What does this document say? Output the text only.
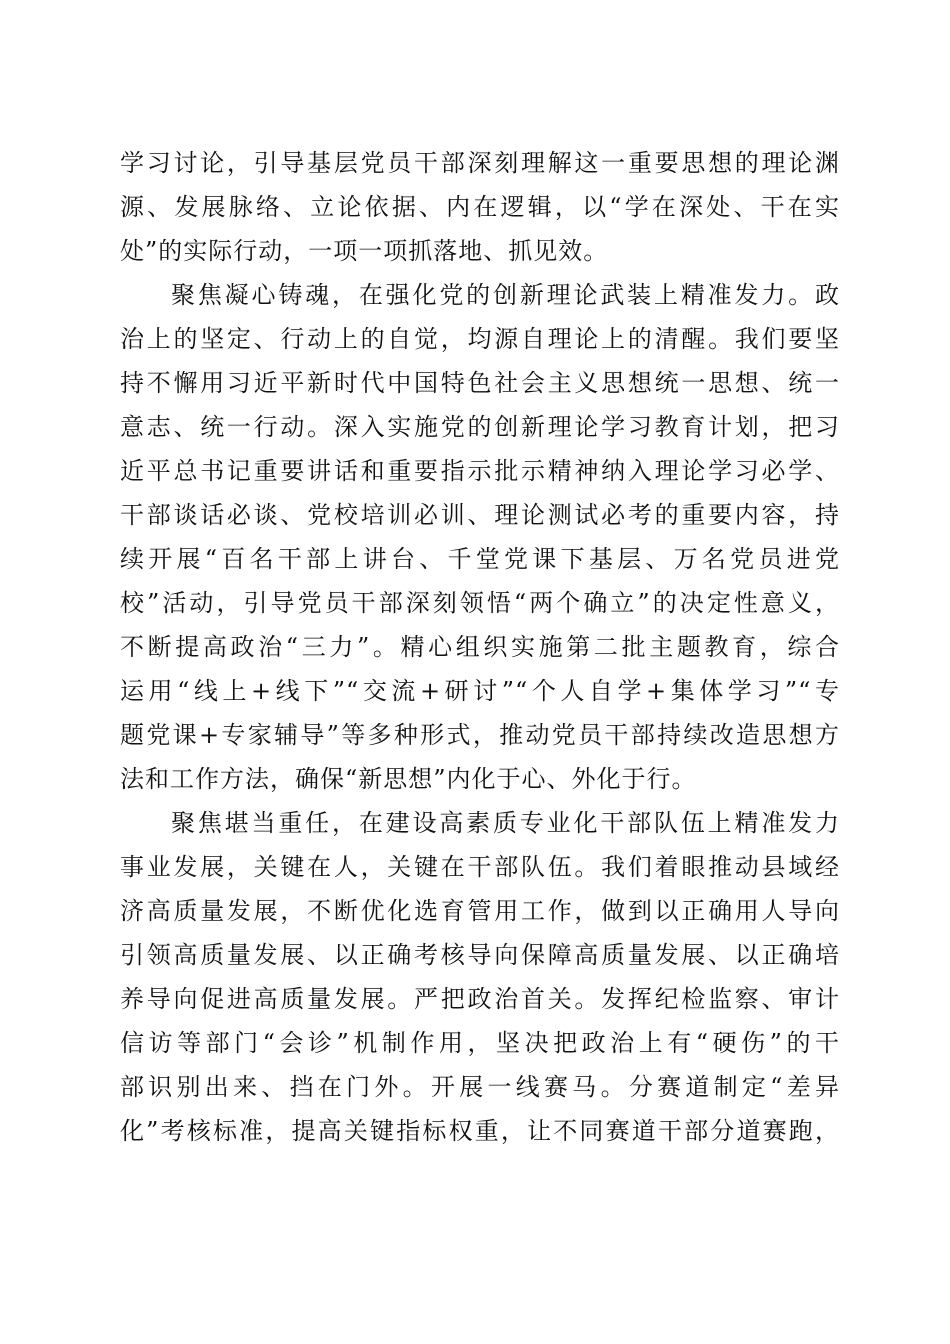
学习讨论，引导基层党员干部深刻理解这一重要思想的理论渊
源、发展脉络、立论依据、内在逻辑，以“学在深处、干在实
处”的实际行动，一项一项抓落地、抓见效。
聚焦凝心铸魂，在强化党的创新理论武装上精准发力。政
治上的坚定、行动上的自觉，均源自理论上的清醒。我们要坚
持不懈用习近平新时代中国特色社会主义思想统一思想、统一
意志、统一行动。深入实施党的创新理论学习教育计划，把习
近平总书记重要讲话和重要指示批示精神纳入理论学习必学、
干部谈话必谈、党校培训必训、理论测试必考的重要内容，持
续开展“百名干部上讲台、千堂党课下基层、万名党员进党
校”活动，引导党员干部深刻领悟“两个确立”的决定性意义，
不断提高政治“三力”。精心组织实施第二批主题教育，综合
运用“线上+线下”“交流+研讨”“个人自学+集体学习”“专
题党课+专家辅导”等多种形式，推动党员干部持续改造思想方
法和工作方法，确保“新思想”内化于心、外化于行。
聚焦堪当重任，在建设高素质专业化干部队伍上精准发力
事业发展，关键在人，关键在干部队伍。我们着眼推动县域经
济高质量发展，不断优化选育管用工作，做到以正确用人导向
引领高质量发展、以正确考核导向保障高质量发展、以正确培
养导向促进高质量发展。严把政治首关。发挥纪检监察、审计
信访等部门“会诊”机制作用，坚决把政治上有“硬伤”的干
部识别出来、挡在门外。开展一线赛马。分赛道制定“差异
化”考核标准，提高关键指标权重，让不同赛道干部分道赛跑，
